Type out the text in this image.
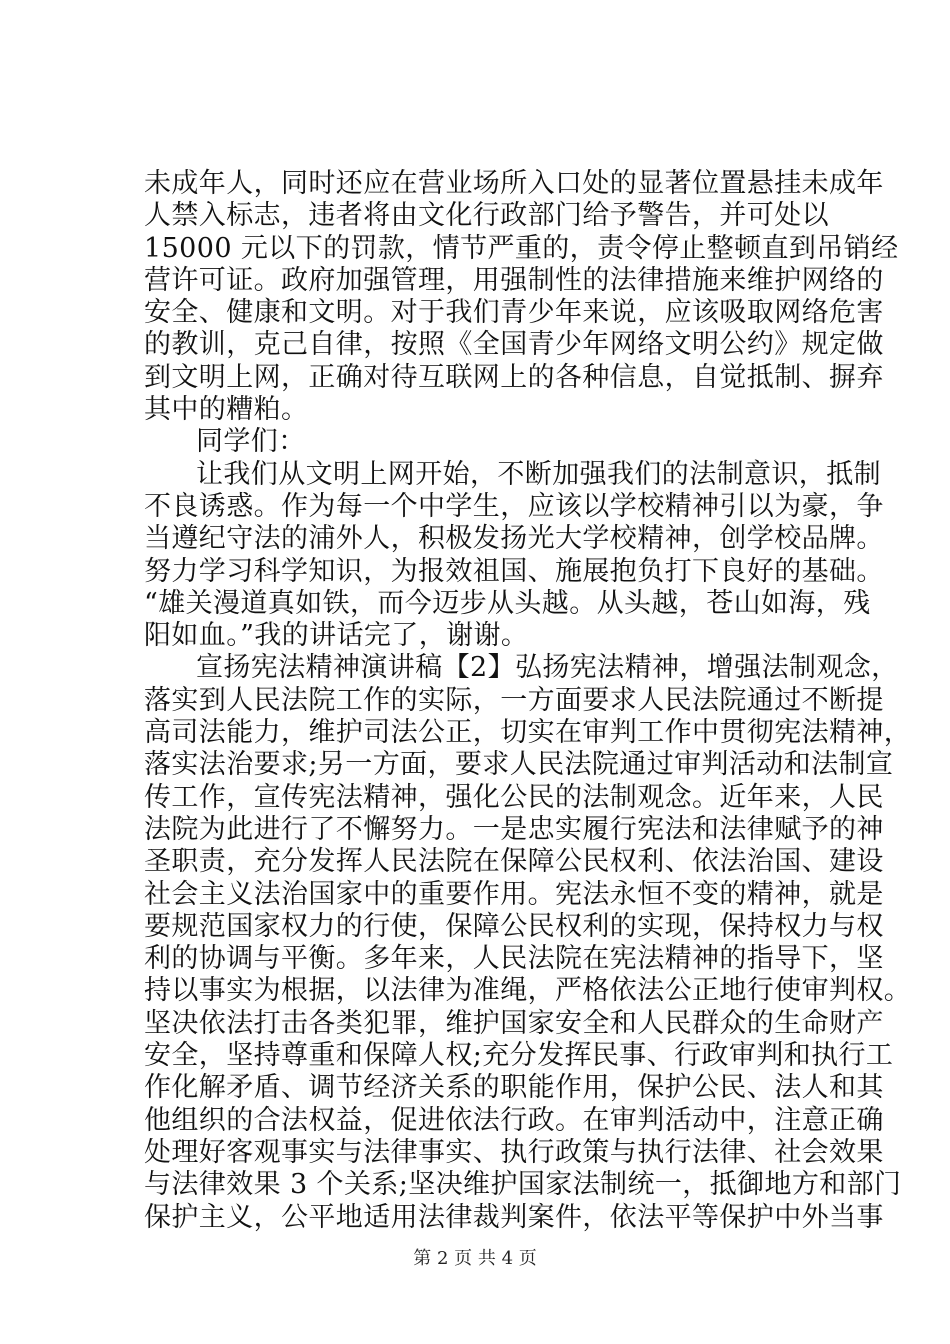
未成年人，同时还应在营业场所入口处的显著位置悬挂未成年
人禁入标志，违者将由文化行政部门给予警告，并可处以
15000 元以下的罚款，情节严重的，责令停止整顿直到吊销经
营许可证。政府加强管理，用强制性的法律措施来维护网络的
安全、健康和文明。对于我们青少年来说，应该吸取网络危害
的教训，克己自律，按照《全国青少年网络文明公约》规定做
到文明上网，正确对待互联网上的各种信息，自觉抵制、摒弃
其中的糟粕。
同学们：
让我们从文明上网开始，不断加强我们的法制意识，抵制
不良诱惑。作为每一个中学生，应该以学校精神引以为豪，争
当遵纪守法的浦外人，积极发扬光大学校精神，创学校品牌。
努力学习科学知识，为报效祖国、施展抱负打下良好的基础。
“雄关漫道真如铁，而今迈步从头越。从头越，苍山如海，残
阳如血。”我的讲话完了，谢谢。
宣扬宪法精神演讲稿【2】弘扬宪法精神，增强法制观念，
落实到人民法院工作的实际，一方面要求人民法院通过不断提
高司法能力，维护司法公正，切实在审判工作中贯彻宪法精神，
落实法治要求;另一方面，要求人民法院通过审判活动和法制宣
传工作，宣传宪法精神，强化公民的法制观念。近年来，人民
法院为此进行了不懈努力。一是忠实履行宪法和法律赋予的神
圣职责，充分发挥人民法院在保障公民权利、依法治国、建设
社会主义法治国家中的重要作用。宪法永恒不变的精神，就是
要规范国家权力的行使，保障公民权利的实现，保持权力与权
利的协调与平衡。多年来，人民法院在宪法精神的指导下，坚
持以事实为根据，以法律为准绳，严格依法公正地行使审判权。
坚决依法打击各类犯罪，维护国家安全和人民群众的生命财产
安全，坚持尊重和保障人权;充分发挥民事、行政审判和执行工
作化解矛盾、调节经济关系的职能作用，保护公民、法人和其
他组织的合法权益，促进依法行政。在审判活动中，注意正确
处理好客观事实与法律事实、执行政策与执行法律、社会效果
与法律效果 3 个关系;坚决维护国家法制统一，抵御地方和部门
保护主义，公平地适用法律裁判案件，依法平等保护中外当事
第 2 页 共 4 页
